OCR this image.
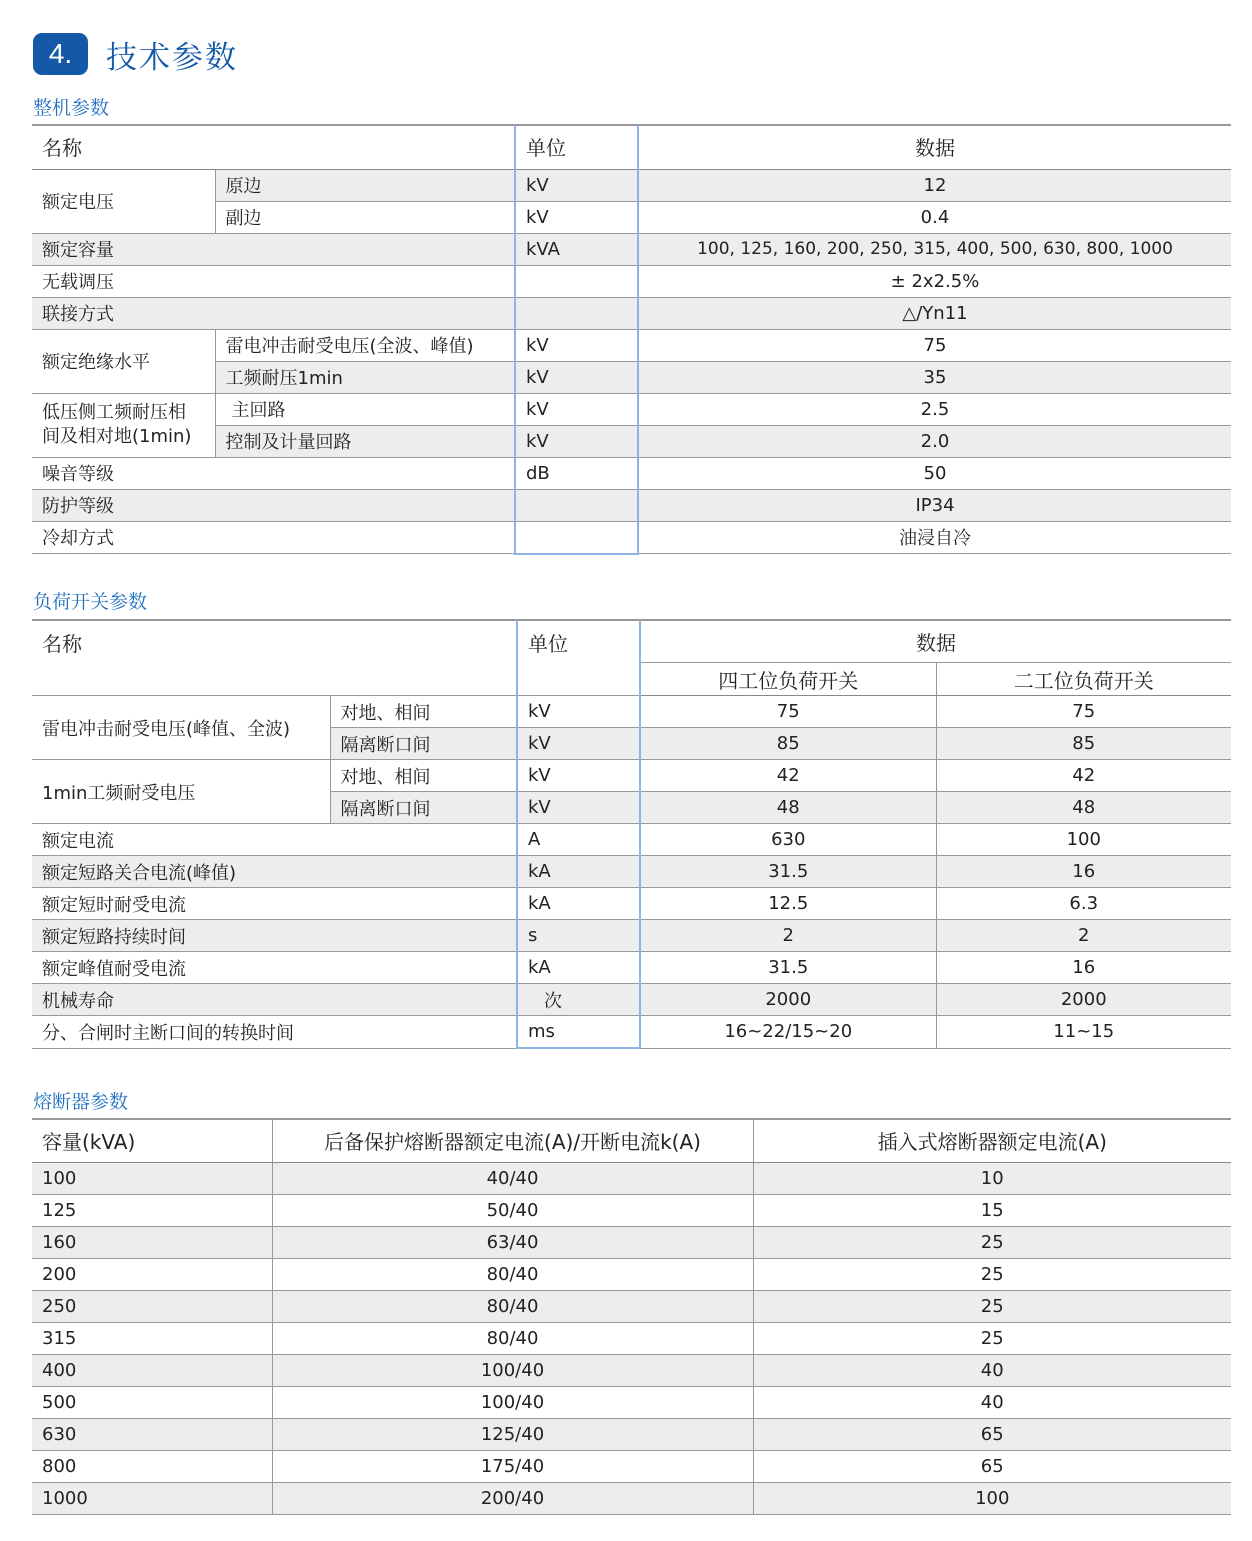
4.	技术参数
整机参数
名称		单位	数据
额定电压	原边	kV	12
	副边	kV	0.4
额定容量		kVA	100, 125, 160, 200, 250, 315, 400, 500, 630, 800, 1000
无载调压			± 2x2.5%
联接方式			△/Yn11
额定绝缘水平	雷电冲击耐受电压(全波、峰值)	kV	75
	工频耐压1min	kV	35

低压侧工频耐压相
间及相对地(1min)	主回路	kV	2.5
	控制及计量回路	kV	2.0
噪音等级		dB	50
防护等级			IP34
冷却方式			油浸自冷
负荷开关参数
名称		单位	数据	
			四工位负荷开关	二工位负荷开关
雷电冲击耐受电压(峰值、全波)	对地、相间	kV	75	75
	隔离断口间	kV	85	85
1min工频耐受电压	对地、相间	kV	42	42
	隔离断口间	kV	48	48
额定电流		A	630	100
额定短路关合电流(峰值)		kA	31.5	16
额定短时耐受电流		kA	12.5	6.3
额定短路持续时间		s	2	2
额定峰值耐受电流		kA	31.5	16
机械寿命		次	2000	2000
分、合闸时主断口间的转换时间		ms	16~22/15~20	11~15
熔断器参数
容量(kVA)	后备保护熔断器额定电流(A)/开断电流k(A)	插入式熔断器额定电流(A)
100	40/40	10
125	50/40	15
160	63/40	25
200	80/40	25
250	80/40	25
315	80/40	25
400	100/40	40
500	100/40	40
630	125/40	65
800	175/40	65
1000	200/40	100
